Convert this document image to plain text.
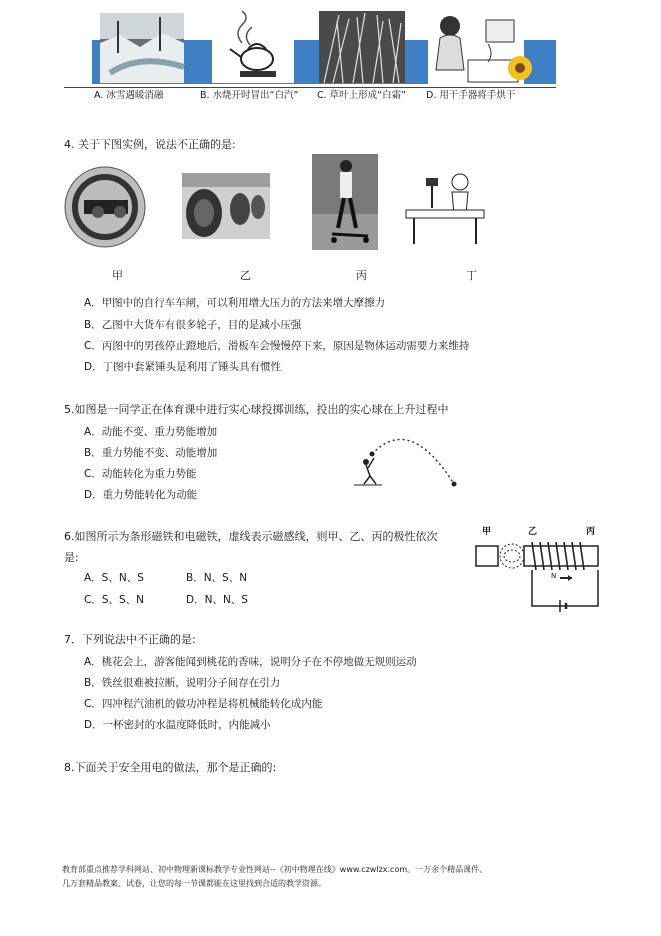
A. 冰雪遇暖消融	B. 水烧开时冒出“白汽” C. 草叶上形成“白霜” D. 用干手器将手烘干
4. 关于下图实例，说法不正确的是:
甲	乙	丙	丁
A．甲图中的自行车车闸，可以利用增大压力的方法来增大摩擦力
B．乙图中大货车有很多轮子，目的是减小压强
C．丙图中的男孩停止蹬地后，滑板车会慢慢停下来，原因是物体运动需要力来维持
D．丁图中套紧锤头是利用了锤头具有惯性
5.如图是一同学正在体育课中进行实心球投掷训练，投出的实心球在上升过程中
A．动能不变、重力势能增加
B．重力势能不变、动能增加
C．动能转化为重力势能
D．重力势能转化为动能
6.如图所示为条形磁铁和电磁铁，虚线表示磁感线，则甲、乙、丙的极性依次
是:
A．S、N、S	B．N、S、N
C．S、S、N	D．N、N、S
甲	乙	丙
N
7．下列说法中不正确的是:
A．桃花会上，游客能闻到桃花的香味，说明分子在不停地做无规则运动
B．铁丝很难被拉断，说明分子间存在引力
C．四冲程汽油机的做功冲程是将机械能转化成内能
D．一杯密封的水温度降低时，内能减小
8.下面关于安全用电的做法，那个是正确的:
教育部重点推荐学科网站、初中物理新课标教学专业性网站--《初中物理在线》www.czwlzx.com。一万余个精品课件、
几万套精品教案、试卷，让您的每一节课都能在这里找到合适的教学资源。
